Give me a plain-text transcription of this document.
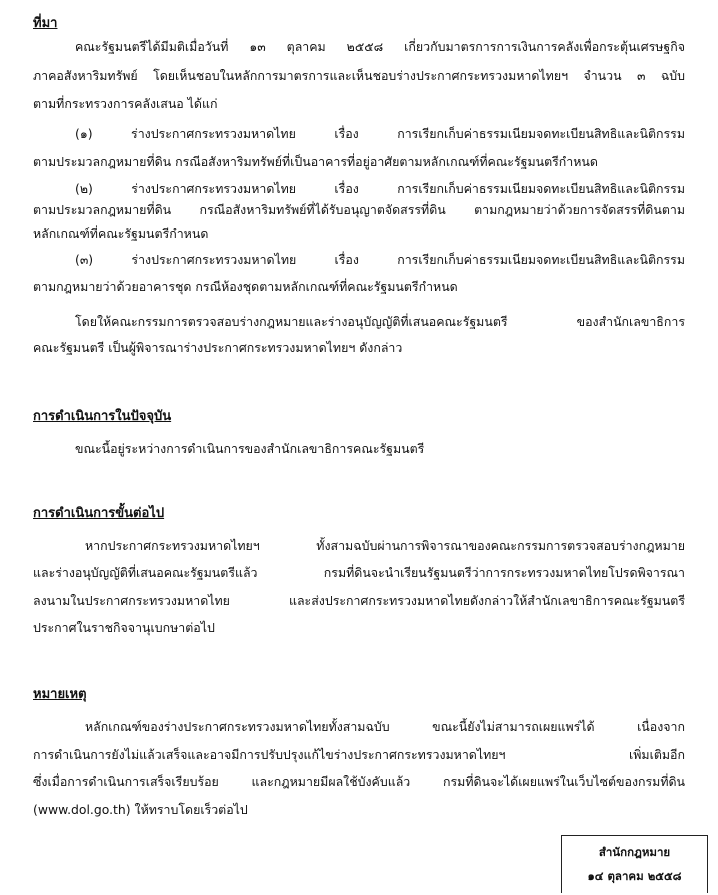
ที่มา

คณะรัฐมนตรีได้มีมติเมื่อวันที่ ๑๓ ตุลาคม ๒๕๕๘ เกี่ยวกับมาตรการการเงินการคลังเพื่อกระตุ้นเศรษฐกิจ

ภาคอสังหาริมทรัพย์ โดยเห็นชอบในหลักการมาตรการและเห็นชอบร่างประกาศกระทรวงมหาดไทยฯ จำนวน ๓ ฉบับ

ตามที่กระทรวงการคลังเสนอ ได้แก่

(๑) ร่างประกาศกระทรวงมหาดไทย เรื่อง การเรียกเก็บค่าธรรมเนียมจดทะเบียนสิทธิและนิติกรรม

ตามประมวลกฎหมายที่ดิน กรณีอสังหาริมทรัพย์ที่เป็นอาคารที่อยู่อาศัยตามหลักเกณฑ์ที่คณะรัฐมนตรีกำหนด

(๒) ร่างประกาศกระทรวงมหาดไทย เรื่อง การเรียกเก็บค่าธรรมเนียมจดทะเบียนสิทธิและนิติกรรม

ตามประมวลกฎหมายที่ดิน กรณีอสังหาริมทรัพย์ที่ได้รับอนุญาตจัดสรรที่ดิน ตามกฎหมายว่าด้วยการจัดสรรที่ดินตาม

หลักเกณฑ์ที่คณะรัฐมนตรีกำหนด

(๓) ร่างประกาศกระทรวงมหาดไทย เรื่อง การเรียกเก็บค่าธรรมเนียมจดทะเบียนสิทธิและนิติกรรม

ตามกฎหมายว่าด้วยอาคารชุด กรณีห้องชุดตามหลักเกณฑ์ที่คณะรัฐมนตรีกำหนด

โดยให้คณะกรรมการตรวจสอบร่างกฎหมายและร่างอนุบัญญัติที่เสนอคณะรัฐมนตรี ของสำนักเลขาธิการ

คณะรัฐมนตรี เป็นผู้พิจารณาร่างประกาศกระทรวงมหาดไทยฯ ดังกล่าว

การดำเนินการในปัจจุบัน

ขณะนี้อยู่ระหว่างการดำเนินการของสำนักเลขาธิการคณะรัฐมนตรี

การดำเนินการขั้นต่อไป

หากประกาศกระทรวงมหาดไทยฯ ทั้งสามฉบับผ่านการพิจารณาของคณะกรรมการตรวจสอบร่างกฎหมาย

และร่างอนุบัญญัติที่เสนอคณะรัฐมนตรีแล้ว กรมที่ดินจะนำเรียนรัฐมนตรีว่าการกระทรวงมหาดไทยโปรดพิจารณา

ลงนามในประกาศกระทรวงมหาดไทย และส่งประกาศกระทรวงมหาดไทยดังกล่าวให้สำนักเลขาธิการคณะรัฐมนตรี

ประกาศในราชกิจจานุเบกษาต่อไป

หมายเหตุ

หลักเกณฑ์ของร่างประกาศกระทรวงมหาดไทยทั้งสามฉบับ ขณะนี้ยังไม่สามารถเผยแพร่ได้ เนื่องจาก

การดำเนินการยังไม่แล้วเสร็จและอาจมีการปรับปรุงแก้ไขร่างประกาศกระทรวงมหาดไทยฯ เพิ่มเติมอีก

ซึ่งเมื่อการดำเนินการเสร็จเรียบร้อย และกฎหมายมีผลใช้บังคับแล้ว กรมที่ดินจะได้เผยแพร่ในเว็บไซต์ของกรมที่ดิน

(www.dol.go.th) ให้ทราบโดยเร็วต่อไป

สำนักกฎหมาย
๑๔ ตุลาคม ๒๕๕๘
